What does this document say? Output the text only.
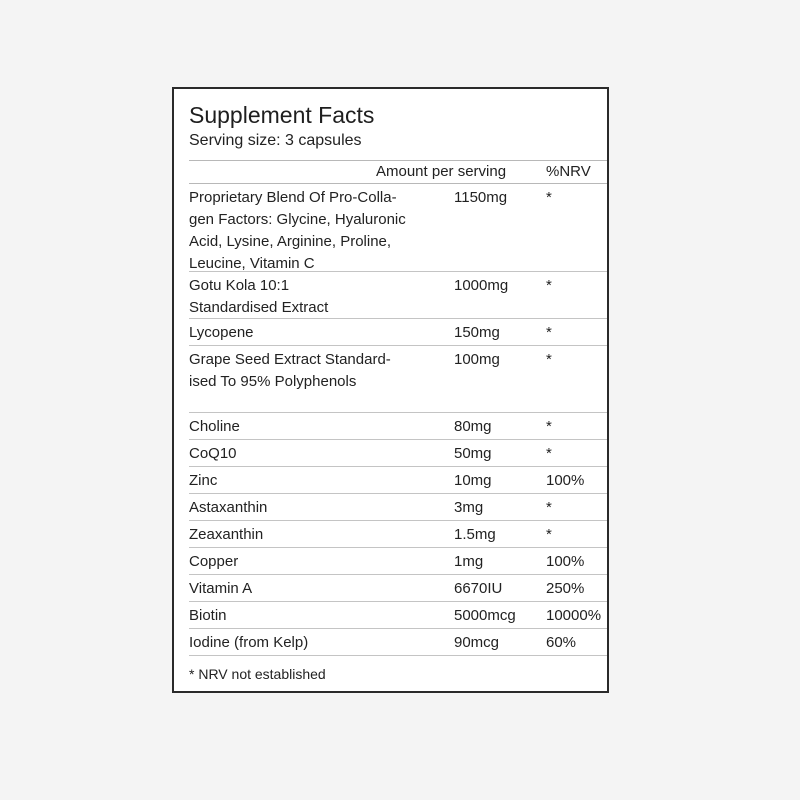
Supplement Facts
Serving size: 3 capsules
Amount per serving	%NRV
Proprietary Blend Of Pro-Colla-
gen Factors: Glycine, Hyaluronic
Acid, Lysine, Arginine, Proline,
Leucine, Vitamin C
1150mg	*
Gotu Kola 10:1
Standardised Extract
1000mg	*
Lycopene	150mg	*
Grape Seed Extract Standard-
ised To 95% Polyphenols
100mg	*
Choline	80mg	*
CoQ10	50mg	*
Zinc	10mg	100%
Astaxanthin	3mg	*
Zeaxanthin	1.5mg	*
Copper	1mg	100%
Vitamin A	6670IU	250%
Biotin	5000mcg 10000%
Iodine (from Kelp)	90mcg	60%
* NRV not established
